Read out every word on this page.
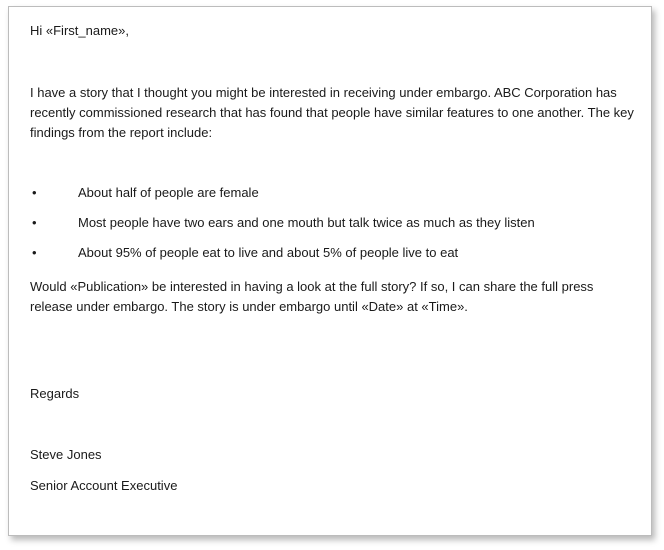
Hi «First_name»,

I have a story that I thought you might be interested in receiving under embargo. ABC Corporation has recently commissioned research that has found that people have similar features to one another. The key findings from the report include:

•	About half of people are female
•	Most people have two ears and one mouth but talk twice as much as they listen
•	About 95% of people eat to live and about 5% of people live to eat

Would «Publication» be interested in having a look at the full story? If so, I can share the full press release under embargo. The story is under embargo until «Date» at «Time».

Regards

Steve Jones

Senior Account Executive
